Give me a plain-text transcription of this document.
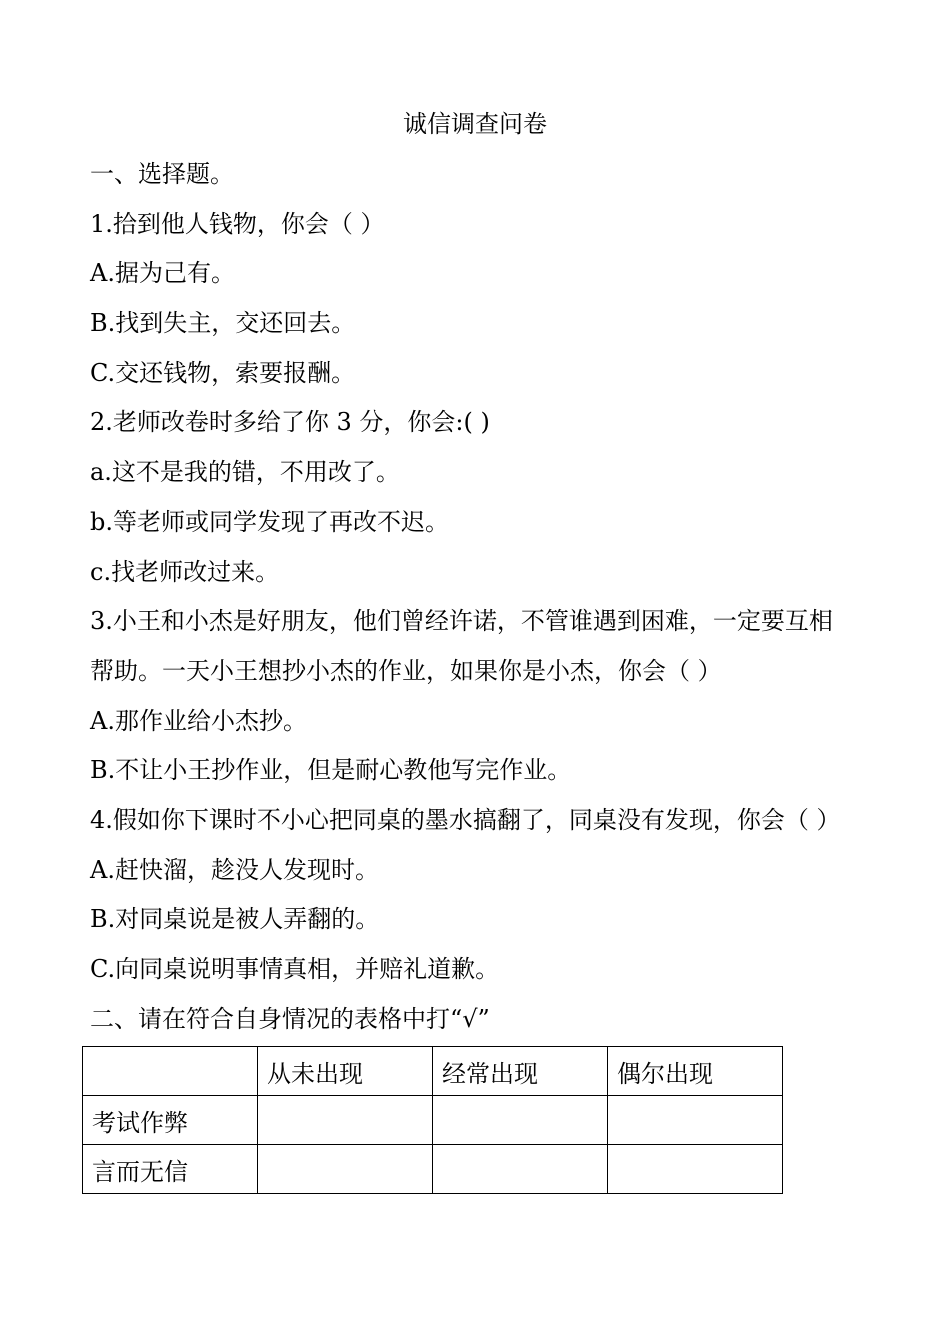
诚信调查问卷
一、选择题。
1.拾到他人钱物，你会（ ）
A.据为己有。
B.找到失主，交还回去。
C.交还钱物，索要报酬。
2.老师改卷时多给了你 3 分，你会:( )
a.这不是我的错，不用改了。
b.等老师或同学发现了再改不迟。
c.找老师改过来。
3.小王和小杰是好朋友，他们曾经许诺，不管谁遇到困难，一定要互相
帮助。一天小王想抄小杰的作业，如果你是小杰，你会（ ）
A.那作业给小杰抄。
B.不让小王抄作业，但是耐心教他写完作业。
4.假如你下课时不小心把同桌的墨水搞翻了，同桌没有发现，你会（ ）
A.赶快溜，趁没人发现时。
B.对同桌说是被人弄翻的。
C.向同桌说明事情真相，并赔礼道歉。
二、请在符合自身情况的表格中打“√”
	从未出现	经常出现	偶尔出现
考试作弊			
言而无信			
